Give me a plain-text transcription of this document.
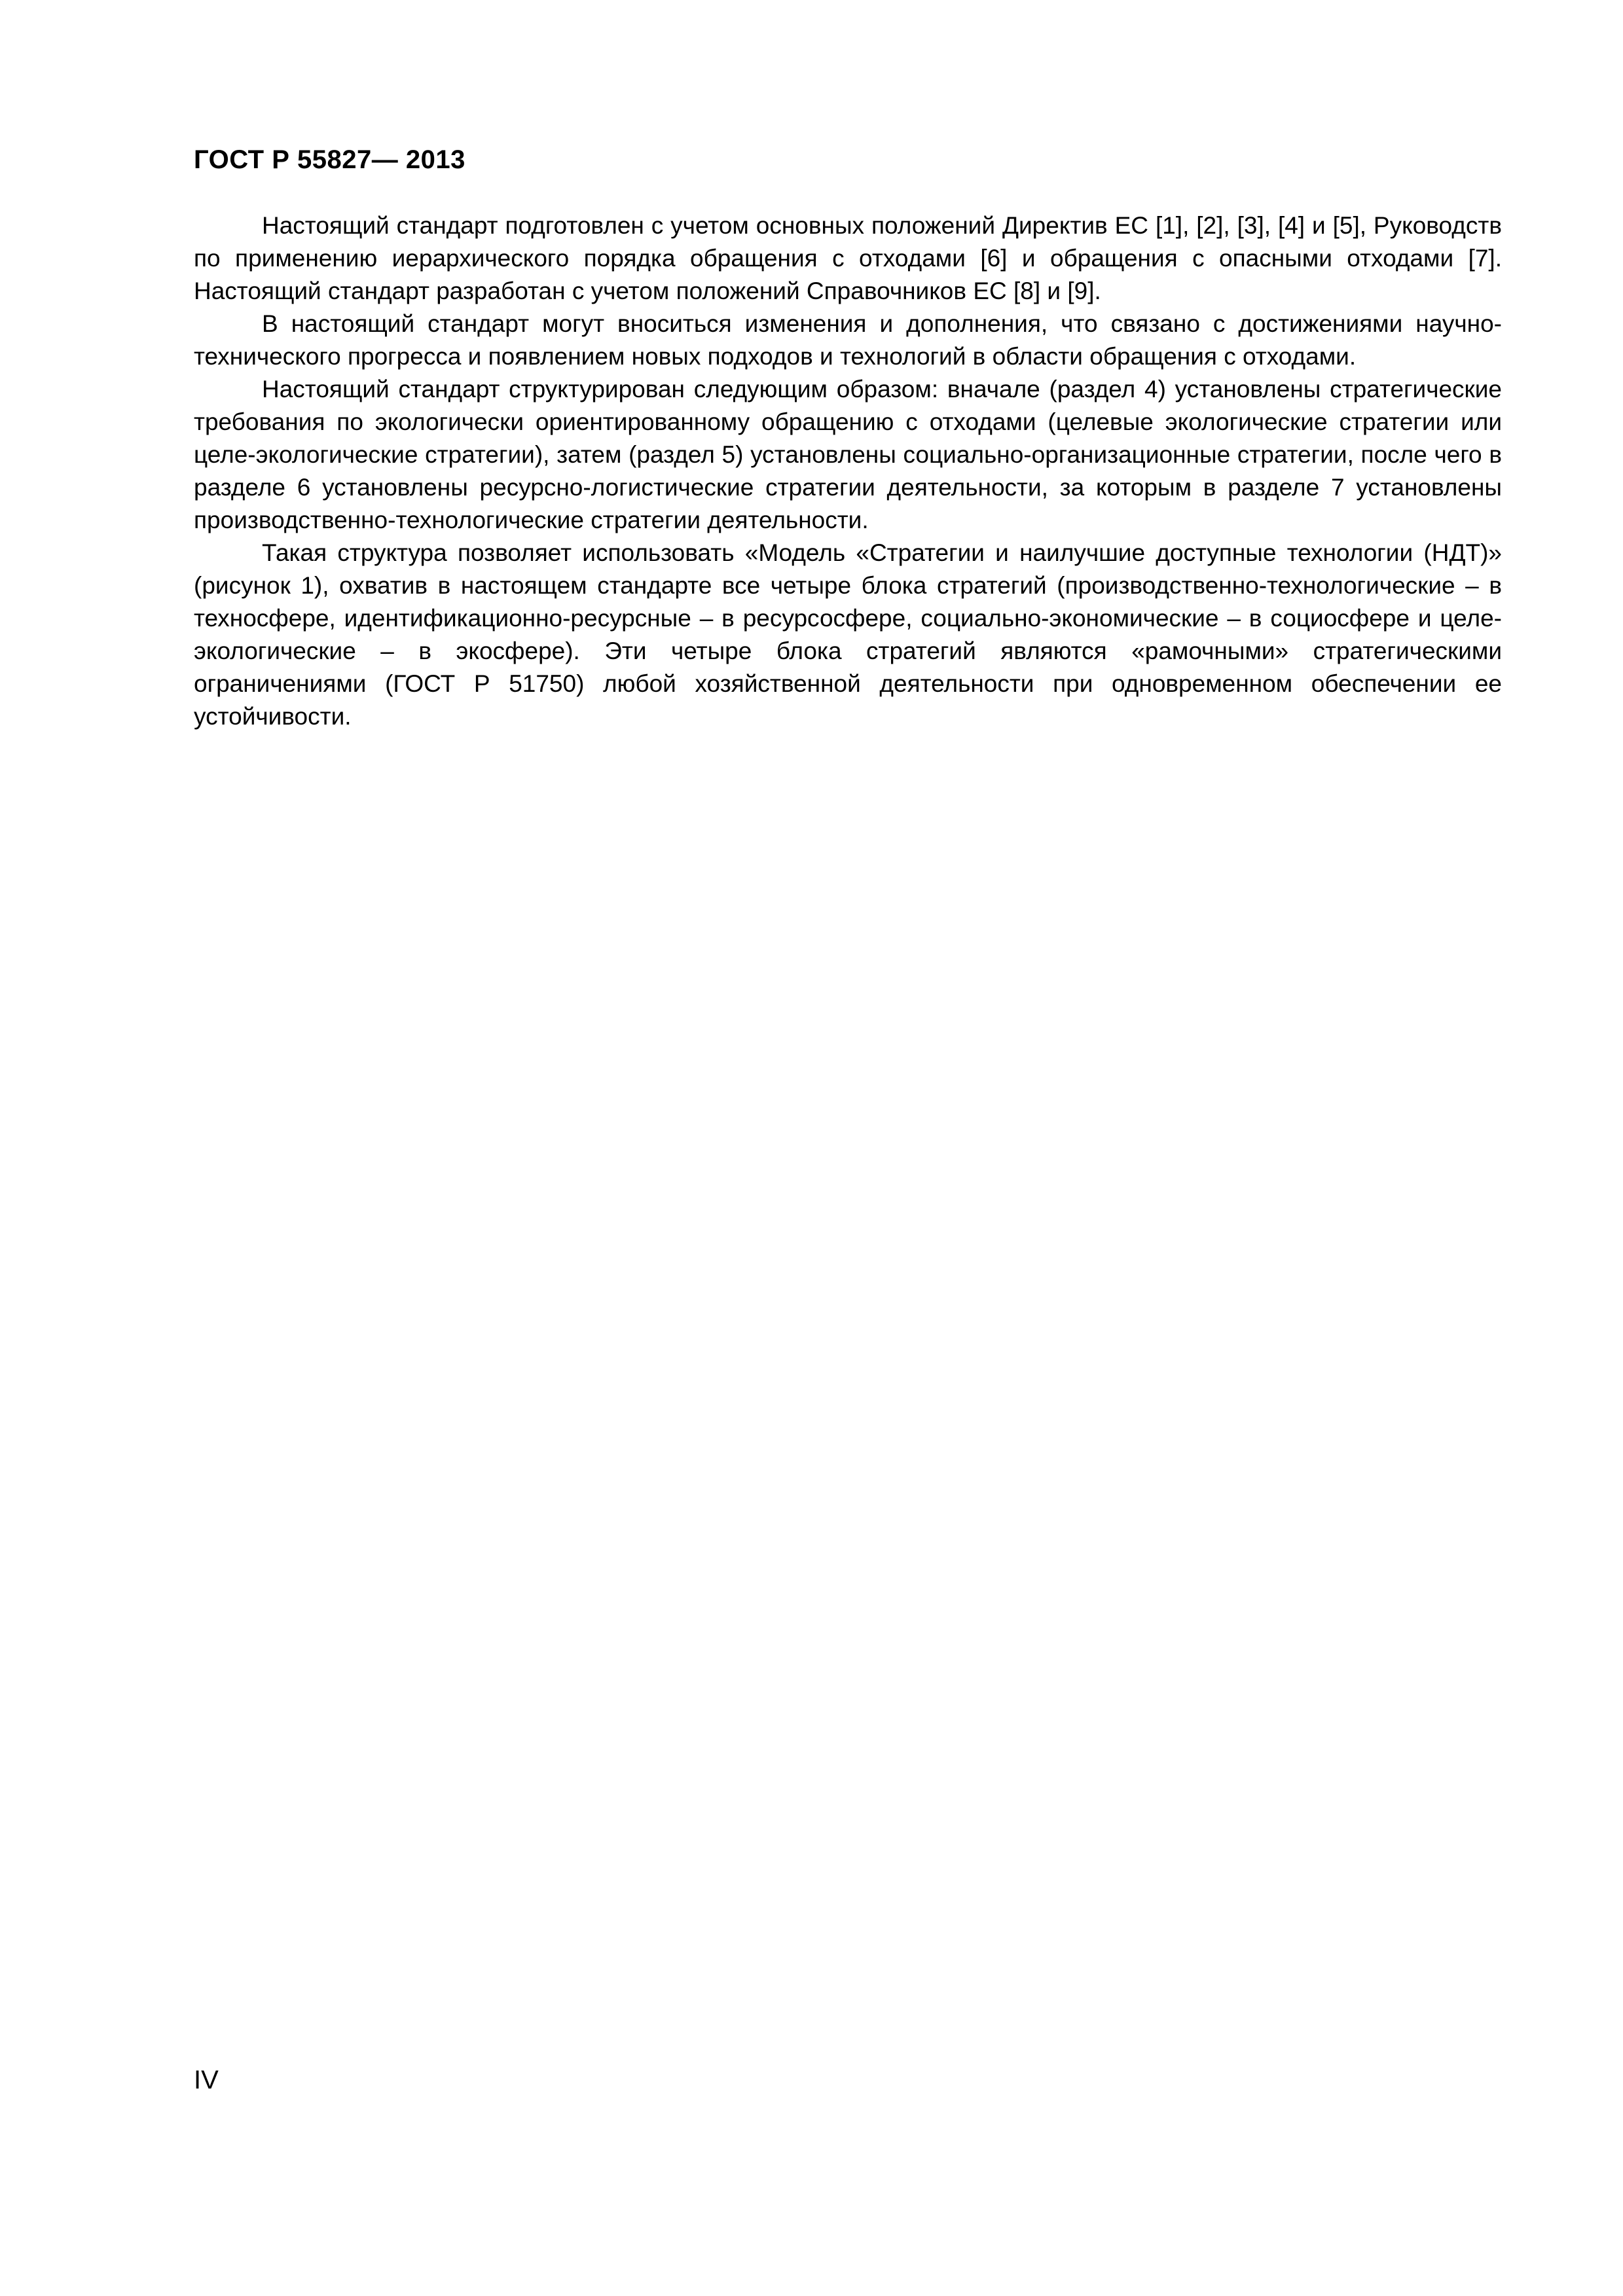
ГОСТ Р 55827— 2013

Настоящий стандарт подготовлен с учетом основных положений Директив ЕС [1], [2], [3], [4] и [5], Руководств по применению иерархического порядка обращения с отходами [6] и обращения с опасными отходами [7]. Настоящий стандарт разработан с учетом положений Справочников ЕС [8] и [9].

В настоящий стандарт могут вноситься изменения и дополнения, что связано с достижениями научно-технического прогресса и появлением новых подходов и технологий в области обращения с отходами.

Настоящий стандарт структурирован следующим образом: вначале (раздел 4) установлены стратегические требования по экологически ориентированному обращению с отходами (целевые экологические стратегии или целе-экологические стратегии), затем (раздел 5) установлены социально-организационные стратегии, после чего в разделе 6 установлены ресурсно-логистические стратегии деятельности, за которым в разделе 7 установлены производственно-технологические стратегии деятельности.

Такая структура позволяет использовать «Модель «Стратегии и наилучшие доступные технологии (НДТ)» (рисунок 1), охватив в настоящем стандарте все четыре блока стратегий (производственно-технологические – в техносфере, идентификационно-ресурсные – в ресурсосфере, социально-экономические – в социосфере и целе-экологические – в экосфере). Эти четыре блока стратегий являются «рамочными» стратегическими ограничениями (ГОСТ Р 51750) любой хозяйственной деятельности при одновременном обеспечении ее устойчивости.

IV
